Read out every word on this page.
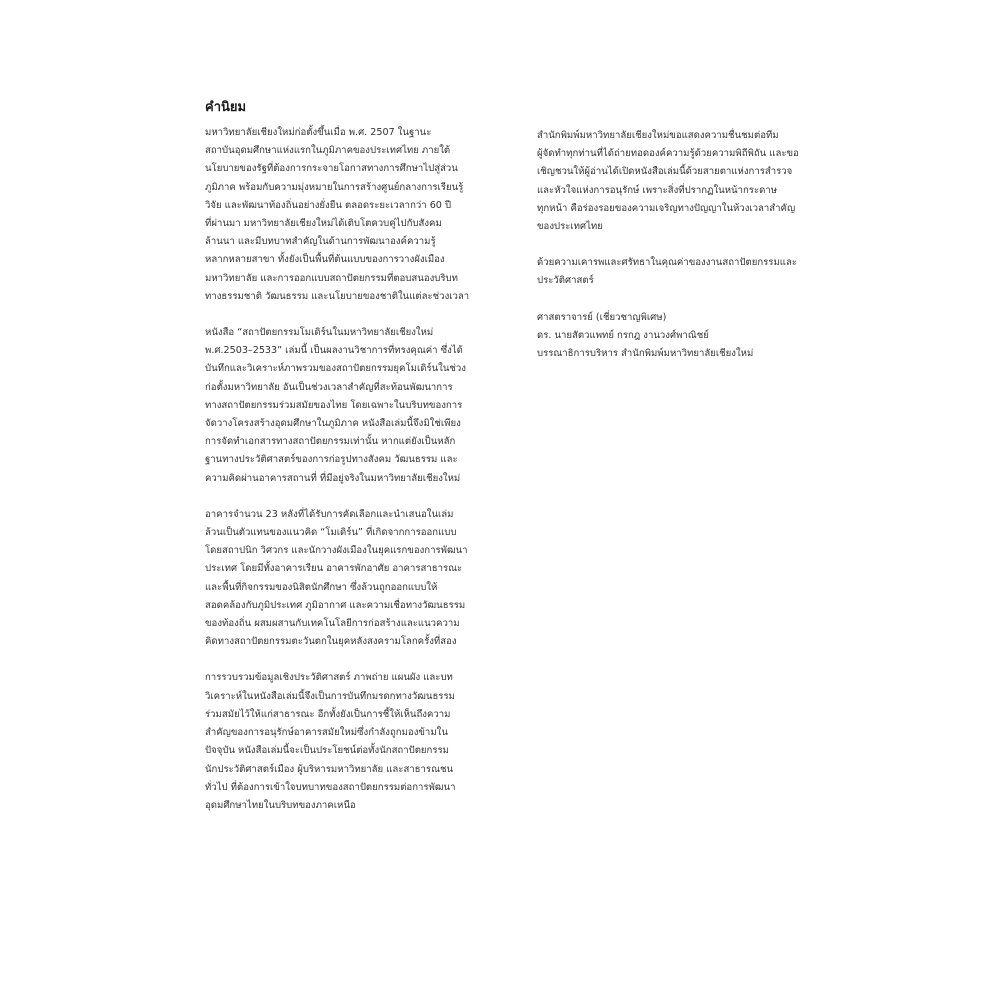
คำนิยม
มหาวิทยาลัยเชียงใหม่ก่อตั้งขึ้นเมื่อ พ.ศ. 2507 ในฐานะ
สถาบันอุดมศึกษาแห่งแรกในภูมิภาคของประเทศไทย ภายใต้
นโยบายของรัฐที่ต้องการกระจายโอกาสทางการศึกษาไปสู่ส่วน
ภูมิภาค พร้อมกับความมุ่งหมายในการสร้างศูนย์กลางการเรียนรู้
วิจัย และพัฒนาท้องถิ่นอย่างยั่งยืน ตลอดระยะเวลากว่า 60 ปี
ที่ผ่านมา มหาวิทยาลัยเชียงใหม่ได้เติบโตควบคู่ไปกับสังคม
ล้านนา และมีบทบาทสำคัญในด้านการพัฒนาองค์ความรู้
หลากหลายสาขา ทั้งยังเป็นพื้นที่ต้นแบบของการวางผังเมือง
มหาวิทยาลัย และการออกแบบสถาปัตยกรรมที่ตอบสนองบริบท
ทางธรรมชาติ วัฒนธรรม และนโยบายของชาติในแต่ละช่วงเวลา
หนังสือ “สถาปัตยกรรมโมเดิร์นในมหาวิทยาลัยเชียงใหม่
พ.ศ.2503–2533” เล่มนี้ เป็นผลงานวิชาการที่ทรงคุณค่า ซึ่งได้
บันทึกและวิเคราะห์ภาพรวมของสถาปัตยกรรมยุคโมเดิร์นในช่วง
ก่อตั้งมหาวิทยาลัย อันเป็นช่วงเวลาสำคัญที่สะท้อนพัฒนาการ
ทางสถาปัตยกรรมร่วมสมัยของไทย โดยเฉพาะในบริบทของการ
จัดวางโครงสร้างอุดมศึกษาในภูมิภาค หนังสือเล่มนี้จึงมิใช่เพียง
การจัดทำเอกสารทางสถาปัตยกรรมเท่านั้น หากแต่ยังเป็นหลัก
ฐานทางประวัติศาสตร์ของการก่อรูปทางสังคม วัฒนธรรม และ
ความคิดผ่านอาคารสถานที่ ที่มีอยู่จริงในมหาวิทยาลัยเชียงใหม่
อาคารจำนวน 23 หลังที่ได้รับการคัดเลือกและนำเสนอในเล่ม
ล้วนเป็นตัวแทนของแนวคิด “โมเดิร์น” ที่เกิดจากการออกแบบ
โดยสถาปนิก วิศวกร และนักวางผังเมืองในยุคแรกของการพัฒนา
ประเทศ โดยมีทั้งอาคารเรียน อาคารพักอาศัย อาคารสาธารณะ
และพื้นที่กิจกรรมของนิสิตนักศึกษา ซึ่งล้วนถูกออกแบบให้
สอดคล้องกับภูมิประเทศ ภูมิอากาศ และความเชื่อทางวัฒนธรรม
ของท้องถิ่น ผสมผสานกับเทคโนโลยีการก่อสร้างและแนวความ
คิดทางสถาปัตยกรรมตะวันตกในยุคหลังสงครามโลกครั้งที่สอง
การรวบรวมข้อมูลเชิงประวัติศาสตร์ ภาพถ่าย แผนผัง และบท
วิเคราะห์ในหนังสือเล่มนี้จึงเป็นการบันทึกมรดกทางวัฒนธรรม
ร่วมสมัยไว้ให้แก่สาธารณะ อีกทั้งยังเป็นการชี้ให้เห็นถึงความ
สำคัญของการอนุรักษ์อาคารสมัยใหม่ซึ่งกำลังถูกมองข้ามใน
ปัจจุบัน หนังสือเล่มนี้จะเป็นประโยชน์ต่อทั้งนักสถาปัตยกรรม
นักประวัติศาสตร์เมือง ผู้บริหารมหาวิทยาลัย และสาธารณชน
ทั่วไป ที่ต้องการเข้าใจบทบาทของสถาปัตยกรรมต่อการพัฒนา
อุดมศึกษาไทยในบริบทของภาคเหนือ
สำนักพิมพ์มหาวิทยาลัยเชียงใหม่ขอแสดงความชื่นชมต่อทีม
ผู้จัดทำทุกท่านที่ได้ถ่ายทอดองค์ความรู้ด้วยความพิถีพิถัน และขอ
เชิญชวนให้ผู้อ่านได้เปิดหนังสือเล่มนี้ด้วยสายตาแห่งการสำรวจ
และหัวใจแห่งการอนุรักษ์ เพราะสิ่งที่ปรากฏในหน้ากระดาษ
ทุกหน้า คือร่องรอยของความเจริญทางปัญญาในห้วงเวลาสำคัญ
ของประเทศไทย
ด้วยความเคารพและศรัทธาในคุณค่าของงานสถาปัตยกรรมและ
ประวัติศาสตร์
ศาสตราจารย์ (เชี่ยวชาญพิเศษ)
ดร. นายสัตวแพทย์ กรกฎ งานวงศ์พาณิชย์
บรรณาธิการบริหาร สำนักพิมพ์มหาวิทยาลัยเชียงใหม่
